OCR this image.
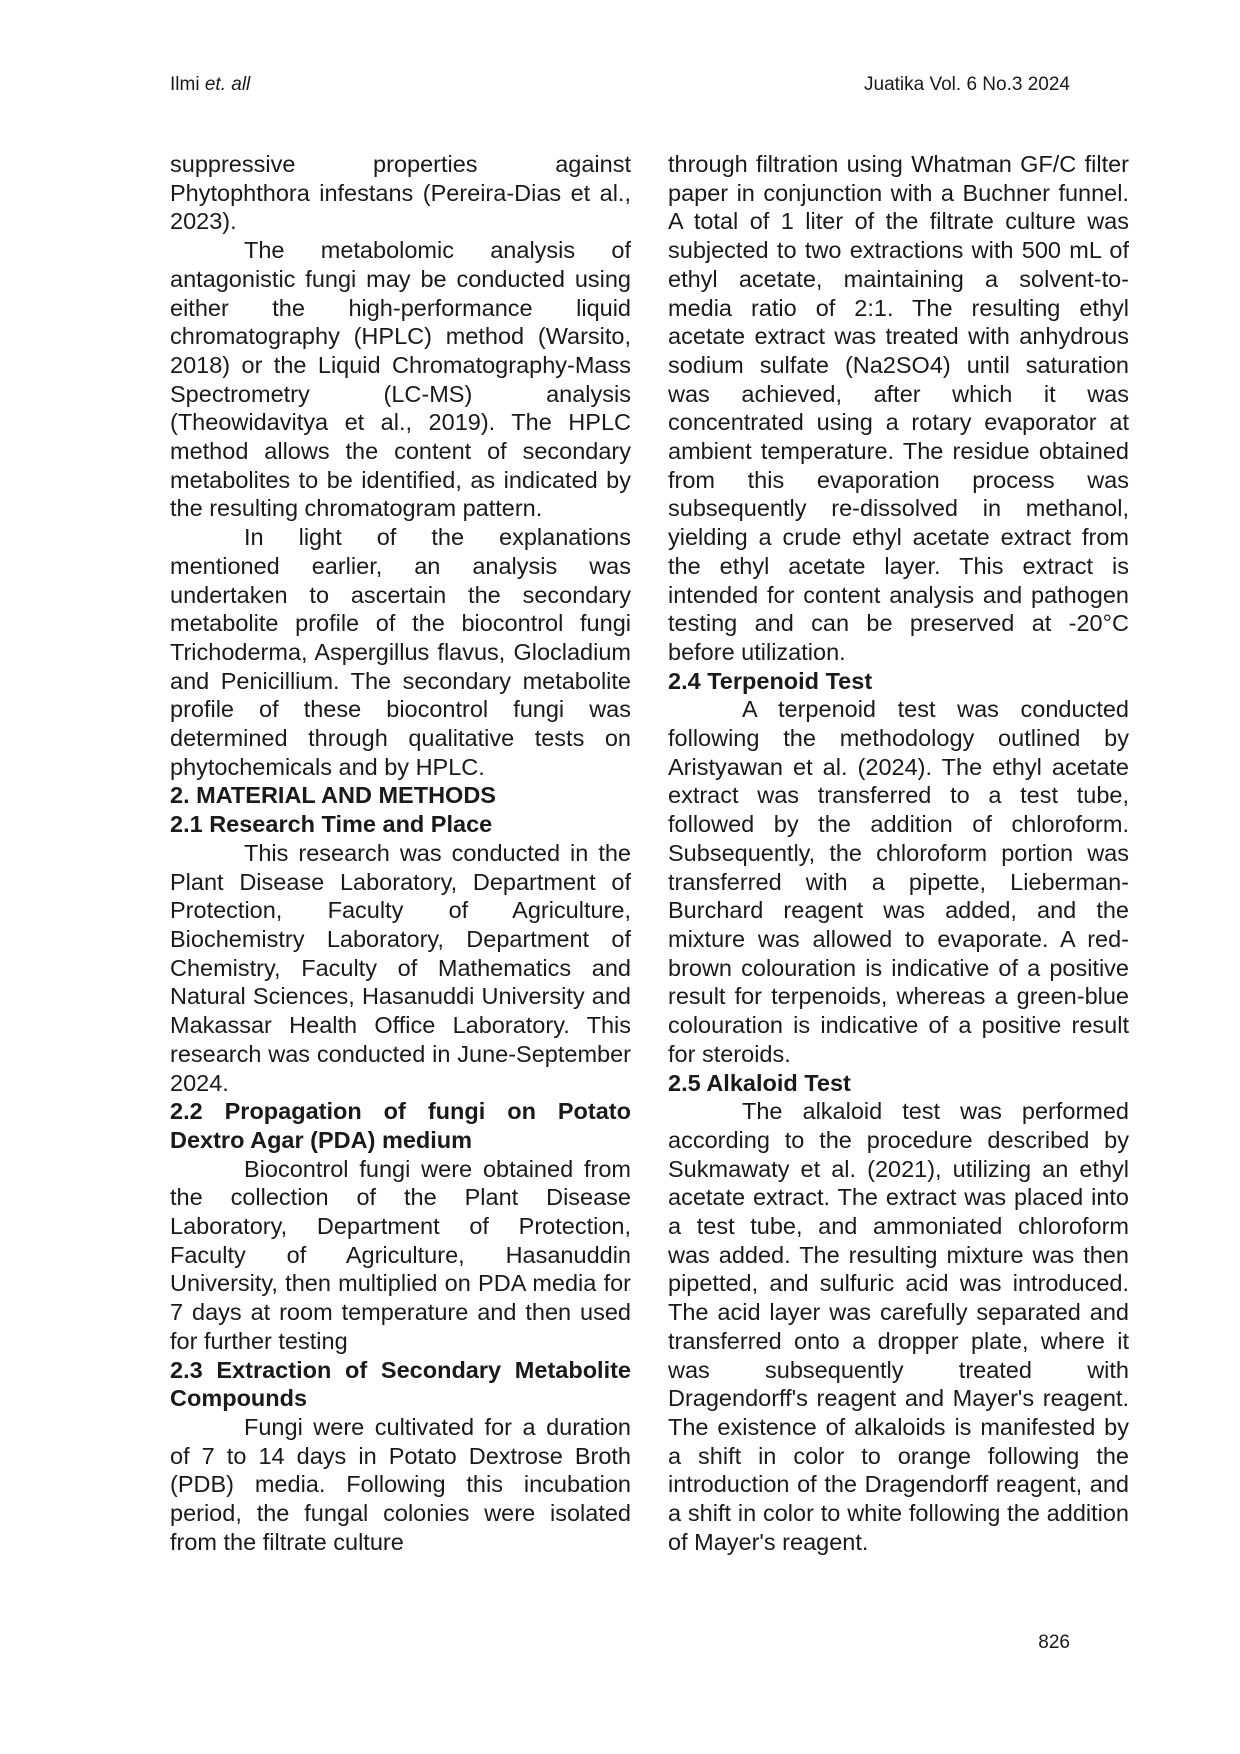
Ilmi et. all	Juatika Vol. 6 No.3 2024

suppressive properties against Phytophthora infestans (Pereira-Dias et al., 2023).

The metabolomic analysis of antagonistic fungi may be conducted using either the high-performance liquid chromatography (HPLC) method (Warsito, 2018) or the Liquid Chromatography-Mass Spectrometry (LC-MS) analysis (Theowidavitya et al., 2019). The HPLC method allows the content of secondary metabolites to be identified, as indicated by the resulting chromatogram pattern.

In light of the explanations mentioned earlier, an analysis was undertaken to ascertain the secondary metabolite profile of the biocontrol fungi Trichoderma, Aspergillus flavus, Glocladium and Penicillium. The secondary metabolite profile of these biocontrol fungi was determined through qualitative tests on phytochemicals and by HPLC.

2. MATERIAL AND METHODS
2.1 Research Time and Place

This research was conducted in the Plant Disease Laboratory, Department of Protection, Faculty of Agriculture, Biochemistry Laboratory, Department of Chemistry, Faculty of Mathematics and Natural Sciences, Hasanuddi University and Makassar Health Office Laboratory. This research was conducted in June-September 2024.

2.2 Propagation of fungi on Potato Dextro Agar (PDA) medium

Biocontrol fungi were obtained from the collection of the Plant Disease Laboratory, Department of Protection, Faculty of Agriculture, Hasanuddin University, then multiplied on PDA media for 7 days at room temperature and then used for further testing

2.3 Extraction of Secondary Metabolite Compounds

Fungi were cultivated for a duration of 7 to 14 days in Potato Dextrose Broth (PDB) media. Following this incubation period, the fungal colonies were isolated from the filtrate culture

through filtration using Whatman GF/C filter paper in conjunction with a Buchner funnel. A total of 1 liter of the filtrate culture was subjected to two extractions with 500 mL of ethyl acetate, maintaining a solvent-to-media ratio of 2:1. The resulting ethyl acetate extract was treated with anhydrous sodium sulfate (Na2SO4) until saturation was achieved, after which it was concentrated using a rotary evaporator at ambient temperature. The residue obtained from this evaporation process was subsequently re-dissolved in methanol, yielding a crude ethyl acetate extract from the ethyl acetate layer. This extract is intended for content analysis and pathogen testing and can be preserved at -20°C before utilization.

2.4 Terpenoid Test

A terpenoid test was conducted following the methodology outlined by Aristyawan et al. (2024). The ethyl acetate extract was transferred to a test tube, followed by the addition of chloroform. Subsequently, the chloroform portion was transferred with a pipette, Lieberman-Burchard reagent was added, and the mixture was allowed to evaporate. A red-brown colouration is indicative of a positive result for terpenoids, whereas a green-blue colouration is indicative of a positive result for steroids.

2.5 Alkaloid Test

The alkaloid test was performed according to the procedure described by Sukmawaty et al. (2021), utilizing an ethyl acetate extract. The extract was placed into a test tube, and ammoniated chloroform was added. The resulting mixture was then pipetted, and sulfuric acid was introduced. The acid layer was carefully separated and transferred onto a dropper plate, where it was subsequently treated with Dragendorff's reagent and Mayer's reagent. The existence of alkaloids is manifested by a shift in color to orange following the introduction of the Dragendorff reagent, and a shift in color to white following the addition of Mayer's reagent.

826
